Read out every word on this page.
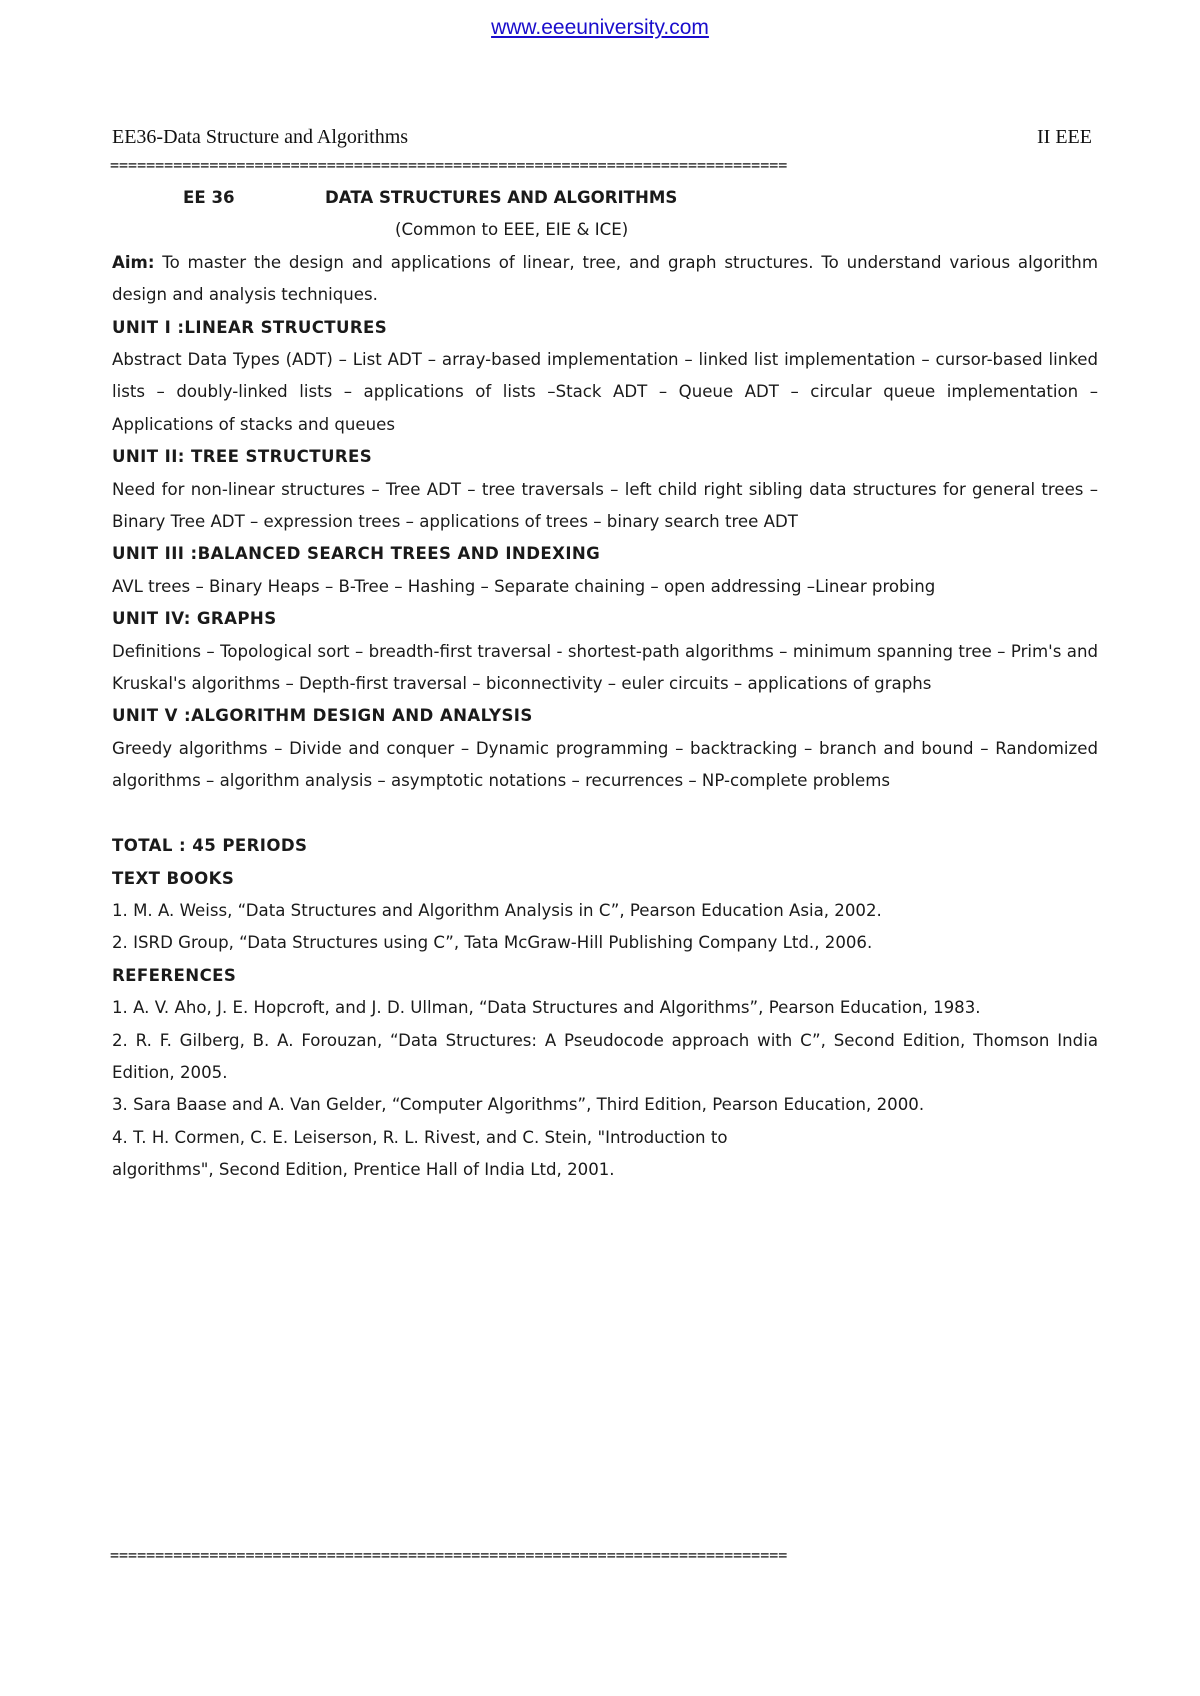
www.eeeuniversity.com
EE36-Data Structure and Algorithms	II EEE
===========================================================================
EE 36	DATA STRUCTURES AND ALGORITHMS

(Common to EEE, EIE & ICE)

Aim: To master the design and applications of linear, tree, and graph structures. To understand various algorithm design and analysis techniques.

UNIT I :LINEAR STRUCTURES

Abstract Data Types (ADT) – List ADT – array-based implementation – linked list implementation – cursor-based linked lists – doubly-linked lists – applications of lists –Stack ADT – Queue ADT – circular queue implementation – Applications of stacks and queues

UNIT II: TREE STRUCTURES

Need for non-linear structures – Tree ADT – tree traversals – left child right sibling data structures for general trees – Binary Tree ADT – expression trees – applications of trees – binary search tree ADT

UNIT III :BALANCED SEARCH TREES AND INDEXING

AVL trees – Binary Heaps – B-Tree – Hashing – Separate chaining – open addressing –Linear probing

UNIT IV: GRAPHS

Definitions – Topological sort – breadth-first traversal - shortest-path algorithms – minimum spanning tree – Prim's and Kruskal's algorithms – Depth-first traversal – biconnectivity – euler circuits – applications of graphs

UNIT V :ALGORITHM DESIGN AND ANALYSIS

Greedy algorithms – Divide and conquer – Dynamic programming – backtracking – branch and bound – Randomized algorithms – algorithm analysis – asymptotic notations – recurrences – NP-complete problems

TOTAL : 45 PERIODS

TEXT BOOKS

1. M. A. Weiss, “Data Structures and Algorithm Analysis in C”, Pearson Education Asia, 2002.

2. ISRD Group, “Data Structures using C”, Tata McGraw-Hill Publishing Company Ltd., 2006.

REFERENCES

1. A. V. Aho, J. E. Hopcroft, and J. D. Ullman, “Data Structures and Algorithms”, Pearson Education, 1983.

2. R. F. Gilberg, B. A. Forouzan, “Data Structures: A Pseudocode approach with C”, Second Edition, Thomson India Edition, 2005.

3. Sara Baase and A. Van Gelder, “Computer Algorithms”, Third Edition, Pearson Education, 2000.

4. T. H. Cormen, C. E. Leiserson, R. L. Rivest, and C. Stein, "Introduction to

algorithms", Second Edition, Prentice Hall of India Ltd, 2001.

===========================================================================
